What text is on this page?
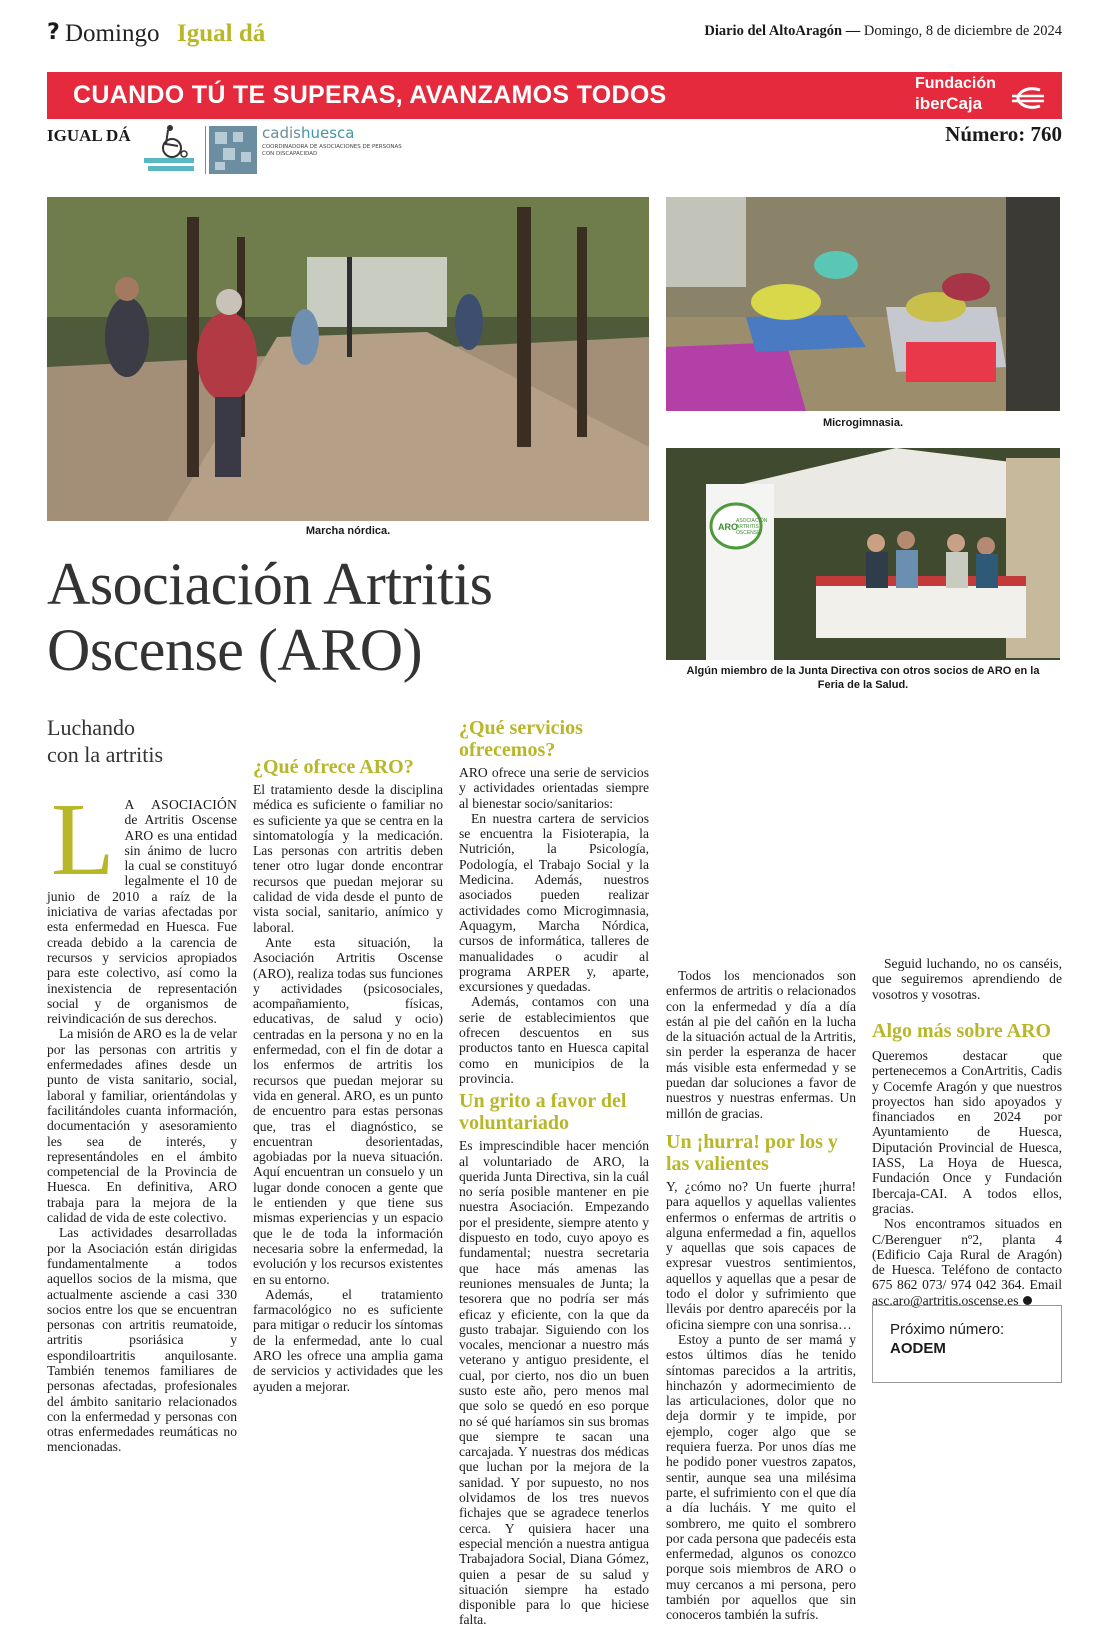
? Domingo Igual dá	Diario del AltoAragón — Domingo, 8 de diciembre de 2024
CUANDO TÚ TE SUPERAS, AVANZAMOS TODOS	Fundación
iberCaja
IGUAL DÁ	cadishuesca
COORDINADORA DE ASOCIACIONES DE PERSONAS CON DISCAPACIDAD
Número: 760
Marcha nórdica.
Microgimnasia.
ARO
ASOCIACIÓN
ARTRITIS
OSCENSE
Algún miembro de la Junta Directiva con otros socios de ARO en la
Feria de la Salud.
Asociación Artritis
Oscense (ARO)
Luchando
con la artritis

L A ASOCIACIÓN de Artritis Oscense ARO es una entidad sin ánimo de lucro la cual se constituyó legalmente el 10 de junio de 2010 a raíz de la iniciativa de varias afectadas por esta enfermedad en Huesca. Fue creada debido a la carencia de recursos y servicios apropiados para este colectivo, así como la inexistencia de representación social y de organismos de reivindicación de sus derechos.

La misión de ARO es la de velar por las personas con artritis y enfermedades afines desde un punto de vista sanitario, social, laboral y familiar, orientándolas y facilitándoles cuanta información, documentación y asesoramiento les sea de interés, y representándoles en el ámbito competencial de la Provincia de Huesca. En definitiva, ARO trabaja para la mejora de la calidad de vida de este colectivo.

Las actividades desarrolladas por la Asociación están dirigidas fundamentalmente a todos aquellos socios de la misma, que actualmente asciende a casi 330 socios entre los que se encuentran personas con artritis reumatoide, artritis psoriásica y espondiloartritis anquilosante. También tenemos familiares de personas afectadas, profesionales del ámbito sanitario relacionados con la enfermedad y personas con otras enfermedades reumáticas no mencionadas.

¿Qué ofrece ARO?

El tratamiento desde la disciplina médica es suficiente o familiar no es suficiente ya que se centra en la sintomatología y la medicación. Las personas con artritis deben tener otro lugar donde encontrar recursos que puedan mejorar su calidad de vida desde el punto de vista social, sanitario, anímico y laboral.

Ante esta situación, la Asociación Artritis Oscense (ARO), realiza todas sus funciones y actividades (psicosociales, acompañamiento, físicas, educativas, de salud y ocio) centradas en la persona y no en la enfermedad, con el fin de dotar a los enfermos de artritis los recursos que puedan mejorar su vida en general. ARO, es un punto de encuentro para estas personas que, tras el diagnóstico, se encuentran desorientadas, agobiadas por la nueva situación. Aquí encuentran un consuelo y un lugar donde conocen a gente que le entienden y que tiene sus mismas experiencias y un espacio que le de toda la información necesaria sobre la enfermedad, la evolución y los recursos existentes en su entorno.

Además, el tratamiento farmacológico no es suficiente para mitigar o reducir los síntomas de la enfermedad, ante lo cual ARO les ofrece una amplia gama de servicios y actividades que les ayuden a mejorar.

¿Qué servicios ofrecemos?

ARO ofrece una serie de servicios y actividades orientadas siempre al bienestar socio/sanitarios:

En nuestra cartera de servicios se encuentra la Fisioterapia, la Nutrición, la Psicología, Podología, el Trabajo Social y la Medicina. Además, nuestros asociados pueden realizar actividades como Microgimnasia, Aquagym, Marcha Nórdica, cursos de informática, talleres de manualidades o acudir al programa ARPER y, aparte, excursiones y quedadas.

Además, contamos con una serie de establecimientos que ofrecen descuentos en sus productos tanto en Huesca capital como en municipios de la provincia.

Un grito a favor del voluntariado

Es imprescindible hacer mención al voluntariado de ARO, la querida Junta Directiva, sin la cuál no sería posible mantener en pie nuestra Asociación. Empezando por el presidente, siempre atento y dispuesto en todo, cuyo apoyo es fundamental; nuestra secretaria que hace más amenas las reuniones mensuales de Junta; la tesorera que no podría ser más eficaz y eficiente, con la que da gusto trabajar. Siguiendo con los vocales, mencionar a nuestro más veterano y antiguo presidente, el cual, por cierto, nos dio un buen susto este año, pero menos mal que solo se quedó en eso porque no sé qué haríamos sin sus bromas que siempre te sacan una carcajada. Y nuestras dos médicas que luchan por la mejora de la sanidad. Y por supuesto, no nos olvidamos de los tres nuevos fichajes que se agradece tenerlos cerca. Y quisiera hacer una especial mención a nuestra antigua Trabajadora Social, Diana Gómez, quien a pesar de su salud y situación siempre ha estado disponible para lo que hiciese falta.

Un ¡hurra! por los y las valientes

Y, ¿cómo no? Un fuerte ¡hurra! para aquellos y aquellas valientes enfermos o enfermas de artritis o alguna enfermedad a fin, aquellos y aquellas que sois capaces de expresar vuestros sentimientos, aquellos y aquellas que a pesar de todo el dolor y sufrimiento que lleváis por dentro aparecéis por la oficina siempre con una sonrisa…

Estoy a punto de ser mamá y estos últimos días he tenido síntomas parecidos a la artritis, hinchazón y adormecimiento de las articulaciones, dolor que no deja dormir y te impide, por ejemplo, coger algo que se requiera fuerza. Por unos días me he podido poner vuestros zapatos, sentir, aunque sea una milésima parte, el sufrimiento con el que día a día lucháis. Y me quito el sombrero, me quito el sombrero por cada persona que padecéis esta enfermedad, algunos os conozco porque sois miembros de ARO o muy cercanos a mi persona, pero también por aquellos que sin conoceros también la sufrís.

Todos los mencionados son enfermos de artritis o relacionados con la enfermedad y día a día están al pie del cañón en la lucha de la situación actual de la Artritis, sin perder la esperanza de hacer más visible esta enfermedad y se puedan dar soluciones a favor de nuestros y nuestras enfermas. Un millón de gracias.

Algo más sobre ARO

Queremos destacar que pertenecemos a ConArtritis, Cadis y Cocemfe Aragón y que nuestros proyectos han sido apoyados y financiados en 2024 por Ayuntamiento de Huesca, Diputación Provincial de Huesca, IASS, La Hoya de Huesca, Fundación Once y Fundación Ibercaja-CAI. A todos ellos, gracias.

Nos encontramos situados en C/Berenguer nº2, planta 4 (Edificio Caja Rural de Aragón) de Huesca. Teléfono de contacto 675 862 073/ 974 042 364. Email asc.aro@artritis.oscense.es

Seguid luchando, no os canséis, que seguiremos aprendiendo de vosotros y vosotras.

Próximo número:
AODEM
